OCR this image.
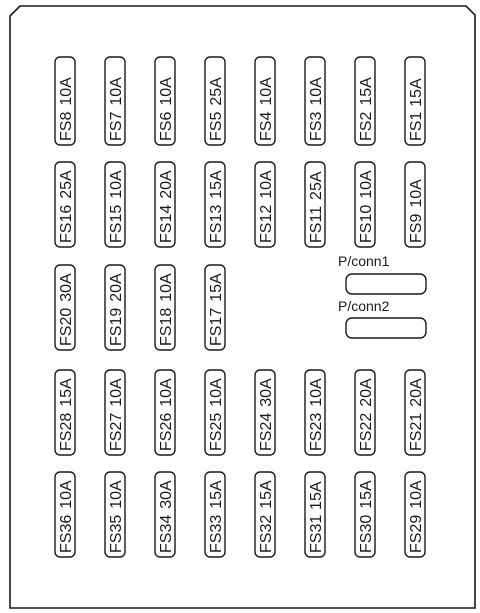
FS810A
FS710A
FS610A
FS525A
FS410A
FS310A
FS215A
FS115A
FS1625A
FS1510A
FS1420A
FS1315A
FS1210A
FS1125A
FS1010A
FS910A
FS2030A
FS1920A
FS1810A
FS1715A
FS2815A
FS2710A
FS2610A
FS2510A
FS2430A
FS2310A
FS2220A
FS2120A
FS3610A
FS3510A
FS3430A
FS3315A
FS3215A
FS3115A
FS3015A
FS2910A
P/conn1
P/conn2
